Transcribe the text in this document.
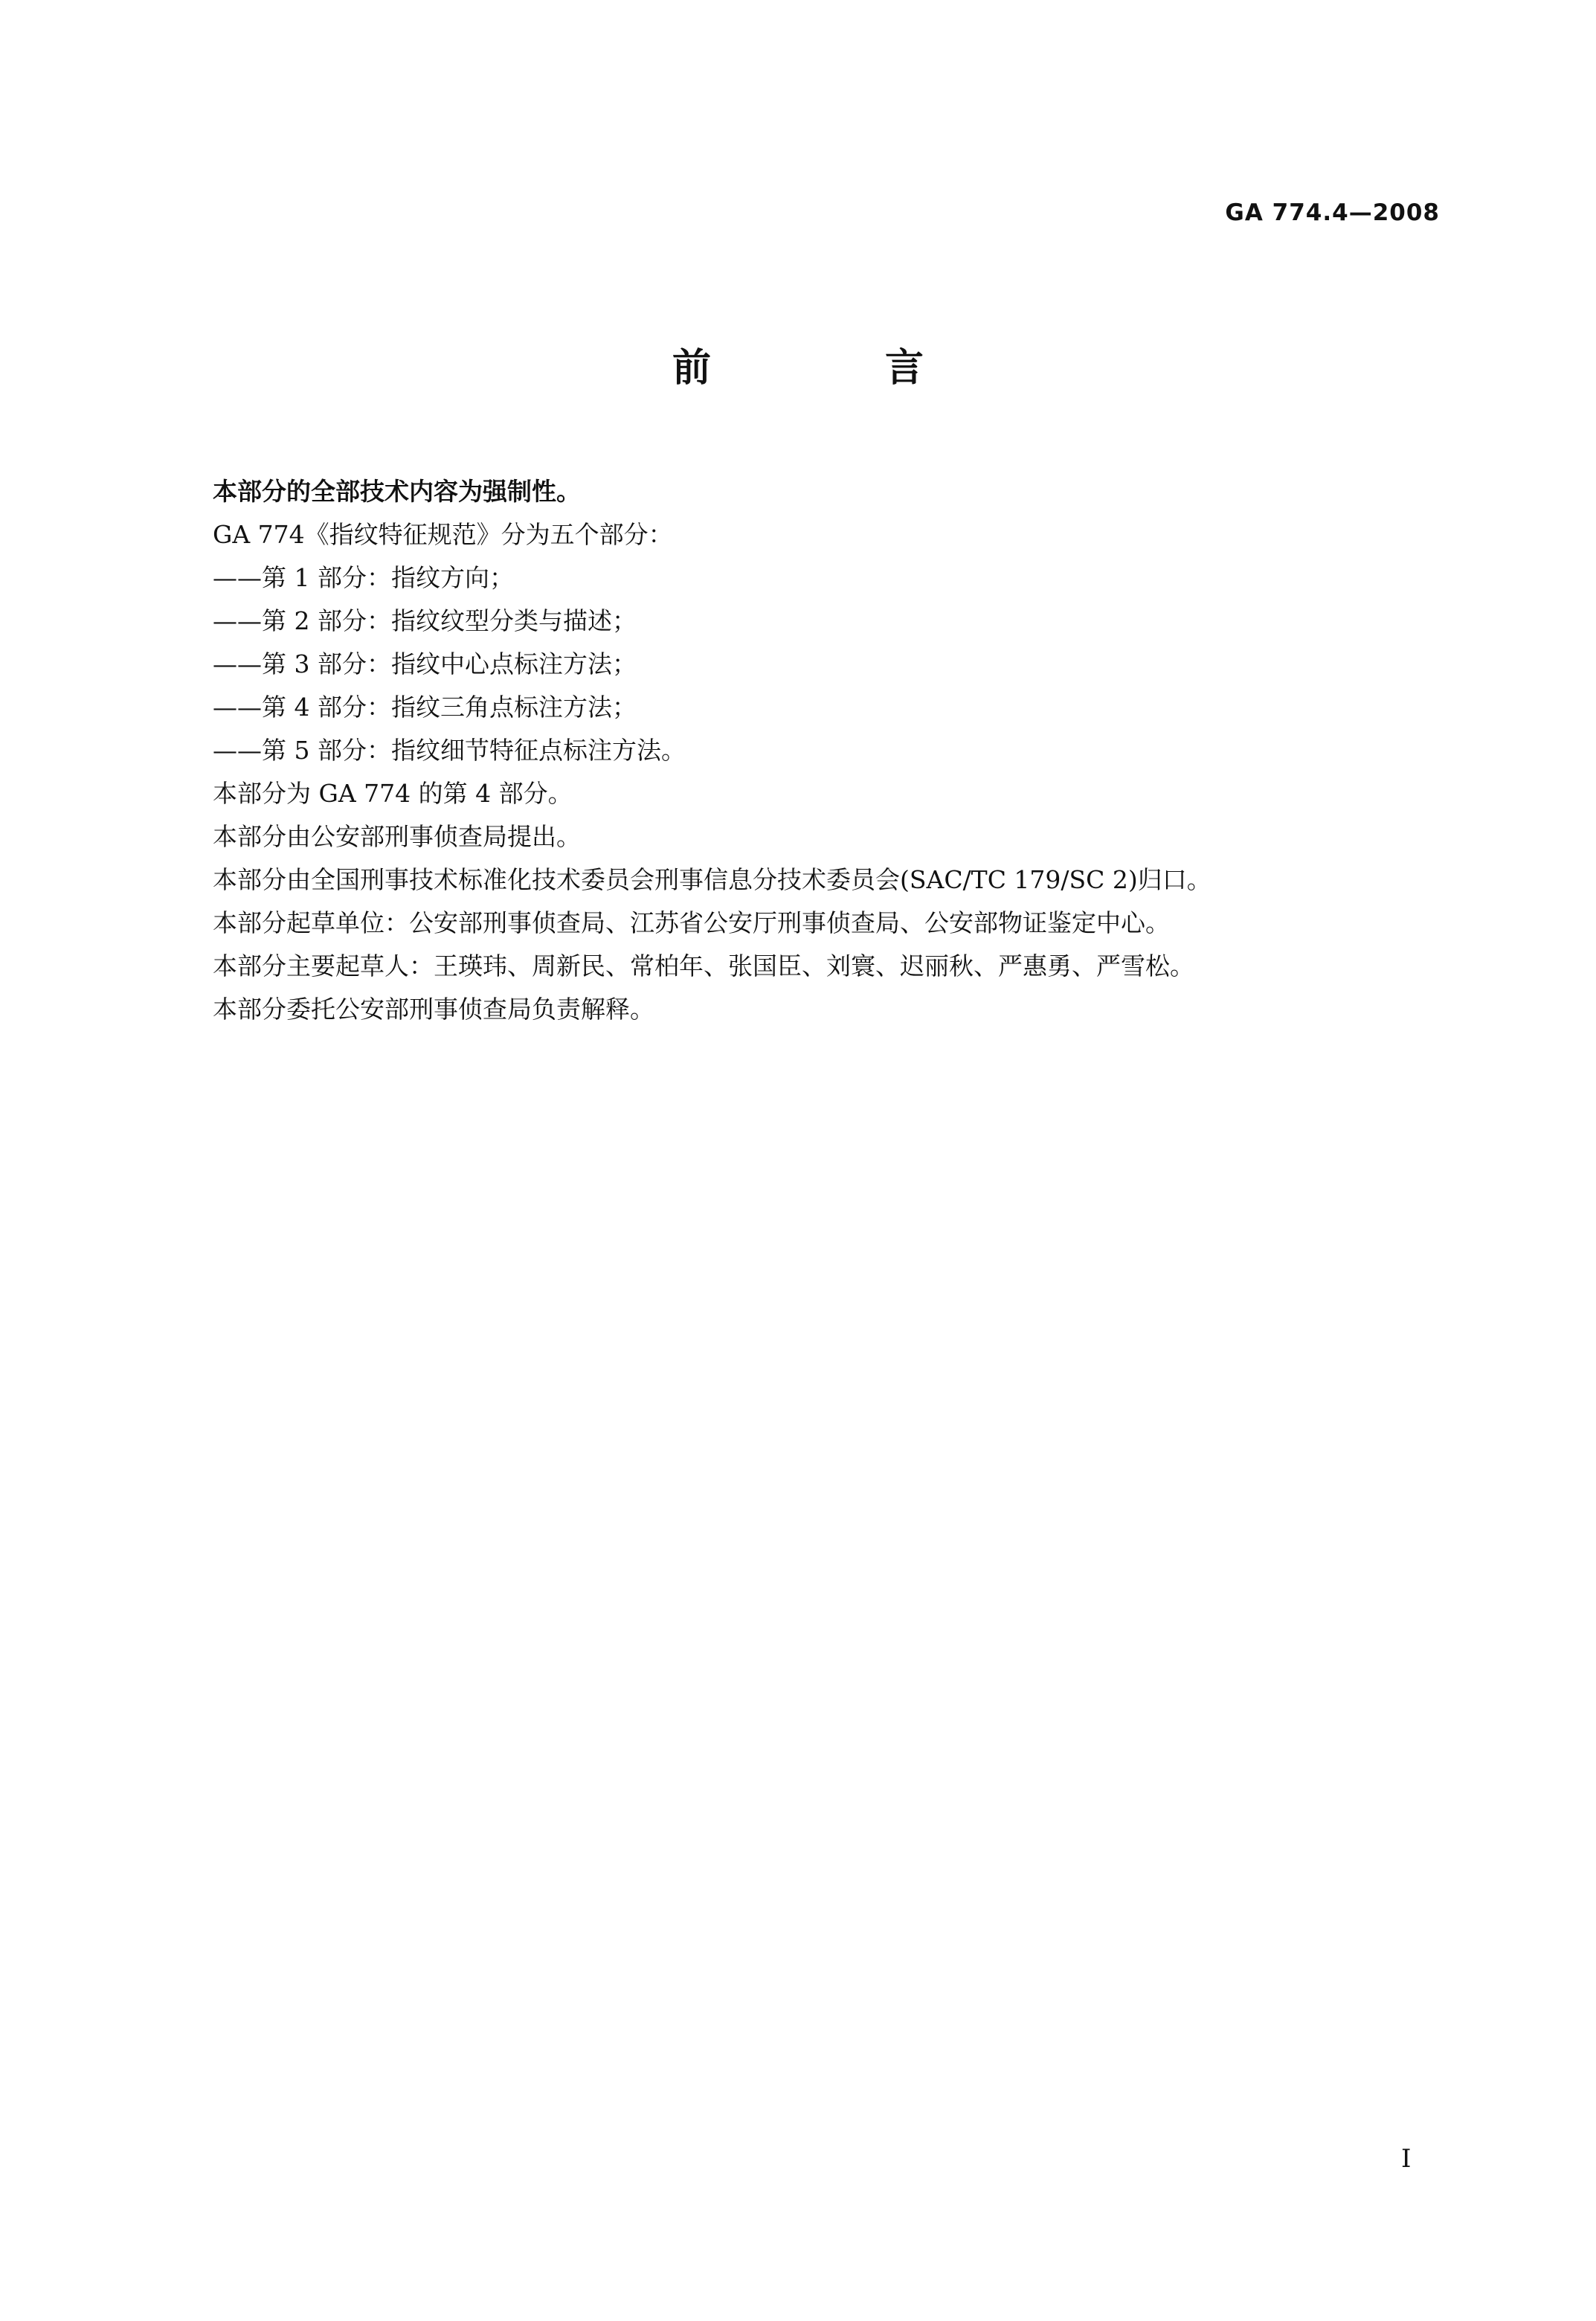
GA 774.4—2008
前 言
本部分的全部技术内容为强制性。
GA 774《指纹特征规范》分为五个部分：
——第 1 部分：指纹方向；
——第 2 部分：指纹纹型分类与描述；
——第 3 部分：指纹中心点标注方法；
——第 4 部分：指纹三角点标注方法；
——第 5 部分：指纹细节特征点标注方法。
本部分为 GA 774 的第 4 部分。
本部分由公安部刑事侦查局提出。
本部分由全国刑事技术标准化技术委员会刑事信息分技术委员会(SAC/TC 179/SC 2)归口。
本部分起草单位：公安部刑事侦查局、江苏省公安厅刑事侦查局、公安部物证鉴定中心。
本部分主要起草人：王瑛玮、周新民、常柏年、张国臣、刘寰、迟丽秋、严惠勇、严雪松。
本部分委托公安部刑事侦查局负责解释。
I
